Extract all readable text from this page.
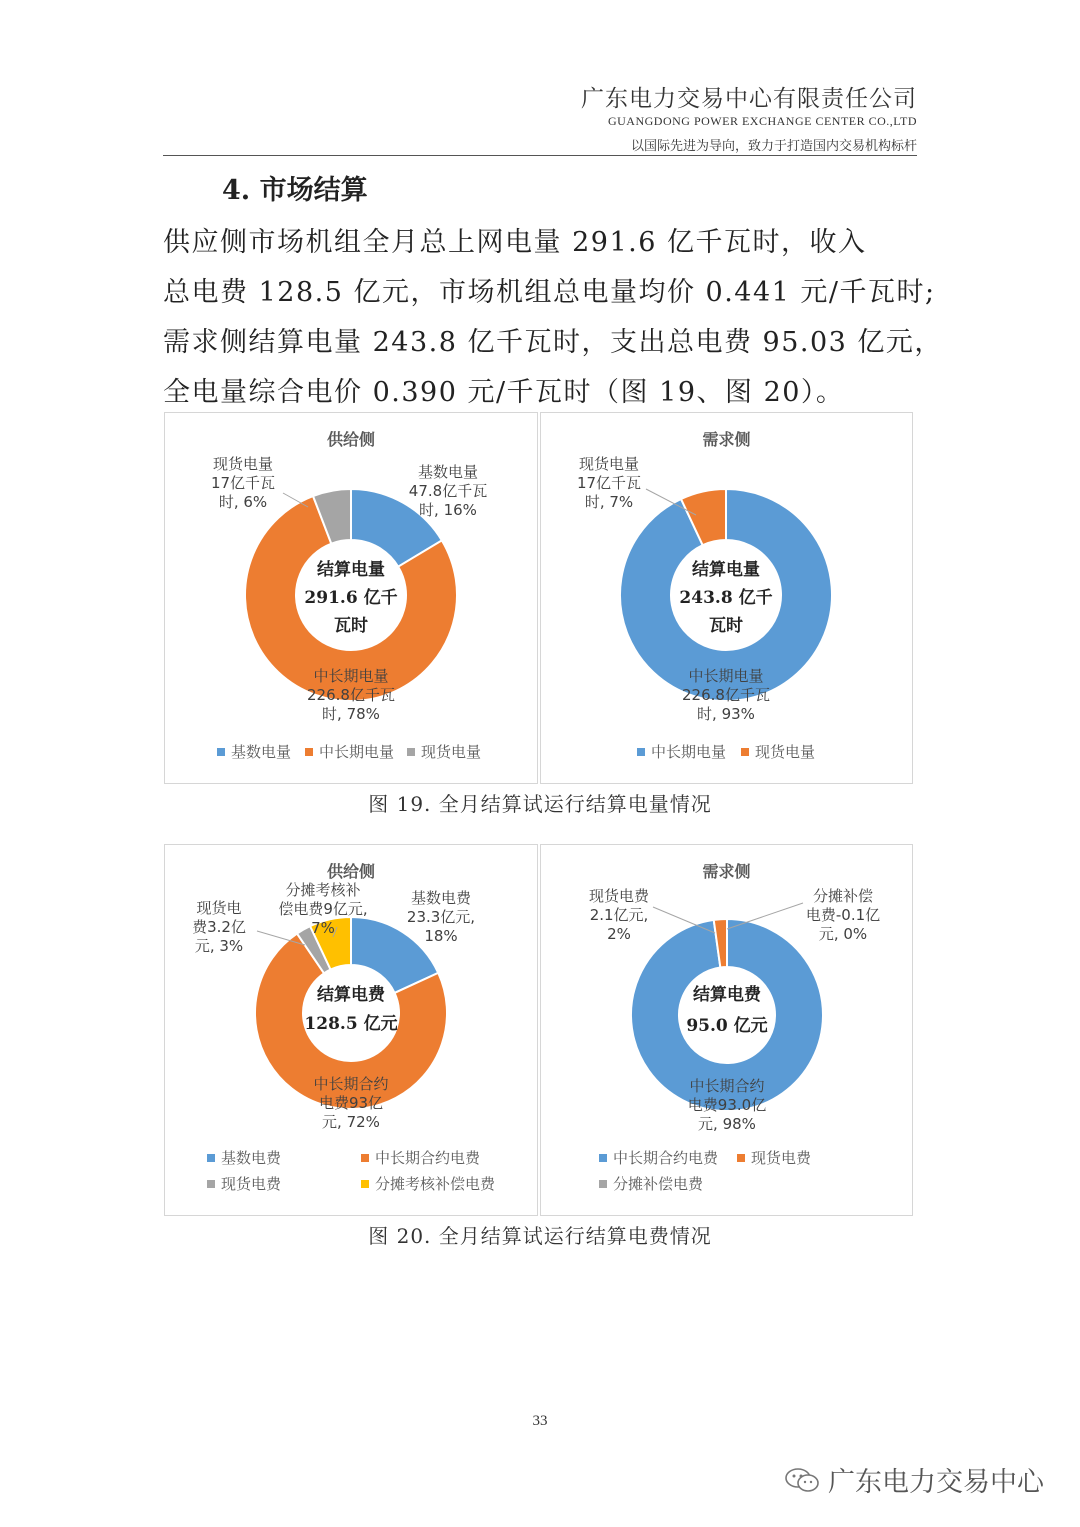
广东电力交易中心有限责任公司
GUANGDONG POWER EXCHANGE CENTER CO.,LTD
以国际先进为导向，致力于打造国内交易机构标杆
4. 市场结算
供应侧市场机组全月总上网电量 291.6 亿千瓦时，收入
总电费 128.5 亿元，市场机组总电量均价 0.441 元/千瓦时;
需求侧结算电量 243.8 亿千瓦时，支出总电费 95.03 亿元，
全电量综合电价 0.390 元/千瓦时（图 19、图 20）。
供给侧
结算电量
291.6 亿千
瓦时
基数电量
47.8亿千瓦
时, 16%
中长期电量
226.8亿千瓦
时, 78%
现货电量
17亿千瓦
时, 6%
基数电量 中长期电量 现货电量
需求侧
结算电量
243.8 亿千
瓦时
中长期电量
226.8亿千瓦
时, 93%
现货电量
17亿千瓦
时, 7%
中长期电量 现货电量
图 19. 全月结算试运行结算电量情况
供给侧
结算电费
128.5 亿元
基数电费
23.3亿元,
18%
中长期合约
电费93亿
元, 72%
现货电
费3.2亿
元, 3%
分摊考核补
偿电费9亿元,
7%
基数电费	中长期合约电费
现货电费	分摊考核补偿电费
需求侧
结算电费
95.0 亿元
中长期合约
电费93.0亿
元, 98%
现货电费
2.1亿元,
2%
分摊补偿
电费-0.1亿
元, 0%
中长期合约电费 现货电费
分摊补偿电费
图 20. 全月结算试运行结算电费情况
33
广东电力交易中心
